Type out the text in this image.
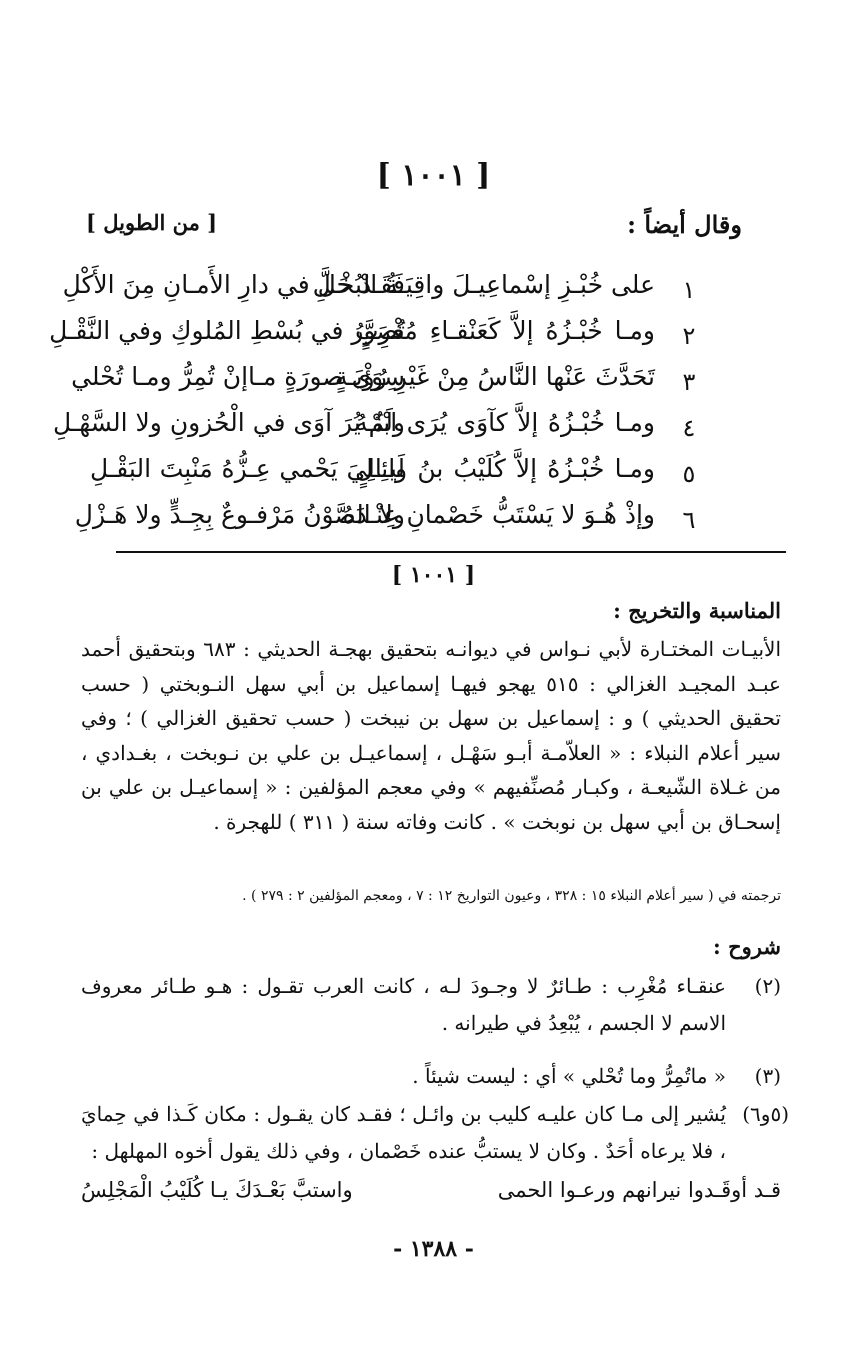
[ ١٠٠١ ]
وقال أيضاً :
[ من الطويل ]
١
على خُبْـزِ إسْماعِيـلَ واقِيَـةُ البُخْـلِ
فَقَـدْ حَلَّ في دارِ الأَمـانِ مِنَ الأَكْلِ
٢
ومـا خُبْـزُهُ إلاَّ كَعَنْقـاءِ مُغْرِبٍ
تُصَوَّرُ في بُسْطِ المُلوكِ وفي النَّقْـلِ
٣
تَحَدَّثَ عَنْها النَّاسُ مِنْ غَيْرِ رُؤْيَـةٍ
سِوَى صورَةٍ مـاإنْ تُمِرُّ ومـا تُحْلي
٤
ومـا خُبْـزُهُ إلاَّ كآوَى يُرَى ابْنُـهُ
ولَمْ يُرَ آوَى في الْحُزونِ ولا السَّهْـلِ
٥
ومـا خُبْـزُهُ إلاَّ كُلَيْبُ بنُ وائِـلٍ
لَيـالِيَ يَحْمي عِـزُّهُ مَنْبِتَ البَقْـلِ
٦
وإذْ هُـوَ لا يَسْتَبُّ خَصْمانِ عِنْـدَهُ
ولا الصَّوْنُ مَرْفـوعٌ بِجِـدٍّ ولا هَـزْلِ
[ ١٠٠١ ]
المناسبة والتخريج :
الأبيـات المختـارة لأبي نـواس في ديوانـه بتحقيق بهجـة الحديثي : ٦٨٣ وبتحقيق أحمد عبـد المجيـد الغزالي : ٥١٥ يهجو فيهـا إسماعيل بن أبي سهل النـوبختي ( حسب تحقيق الحديثي ) و : إسماعيل بن سهل بن نيبخت ( حسب تحقيق الغزالي ) ؛ وفي سير أعلام النبلاء : « العلاّمـة أبـو سَهْـل ، إسماعيـل بن علي بن نـوبخت ، بغـدادي ، من غـلاة الشّيعـة ، وكبـار مُصنِّفيهم » وفي معجم المؤلفين : « إسماعيـل بن علي بن إسحـاق بن أبي سهل بن نوبخت » . كانت وفاته سنة ( ٣١١ ) للهجرة .
ترجمته في ( سير أعلام النبلاء ١٥ : ٣٢٨ ، وعيون التواريخ ١٢ : ٧ ، ومعجم المؤلفين ٢ : ٢٧٩ ) .
شروح :
(٢)
عنقـاء مُغْرِب : طـائرٌ لا وجـودَ لـه ، كانت العرب تقـول : هـو طـائر معروف الاسم لا الجسم ، يُبْعِدُ في طيرانه .
(٣)
« ماتُمِرُّ وما تُحْلي » أي : ليست شيئاً .
(٥و٦)
يُشير إلى مـا كان عليـه كليب بن وائـل ؛ فقـد كان يقـول : مكان كَـذا في حِمايَ ، فلا يرعاه أحَدٌ . وكان لا يستبُّ عنده خَصْمان ، وفي ذلك يقول أخوه المهلهل :
قـد أوقَـدوا نيرانهم ورعـوا الحمى
واستبَّ بَعْـدَكَ يـا كُلَيْبُ الْمَجْلِسُ
- ١٣٨٨ -
